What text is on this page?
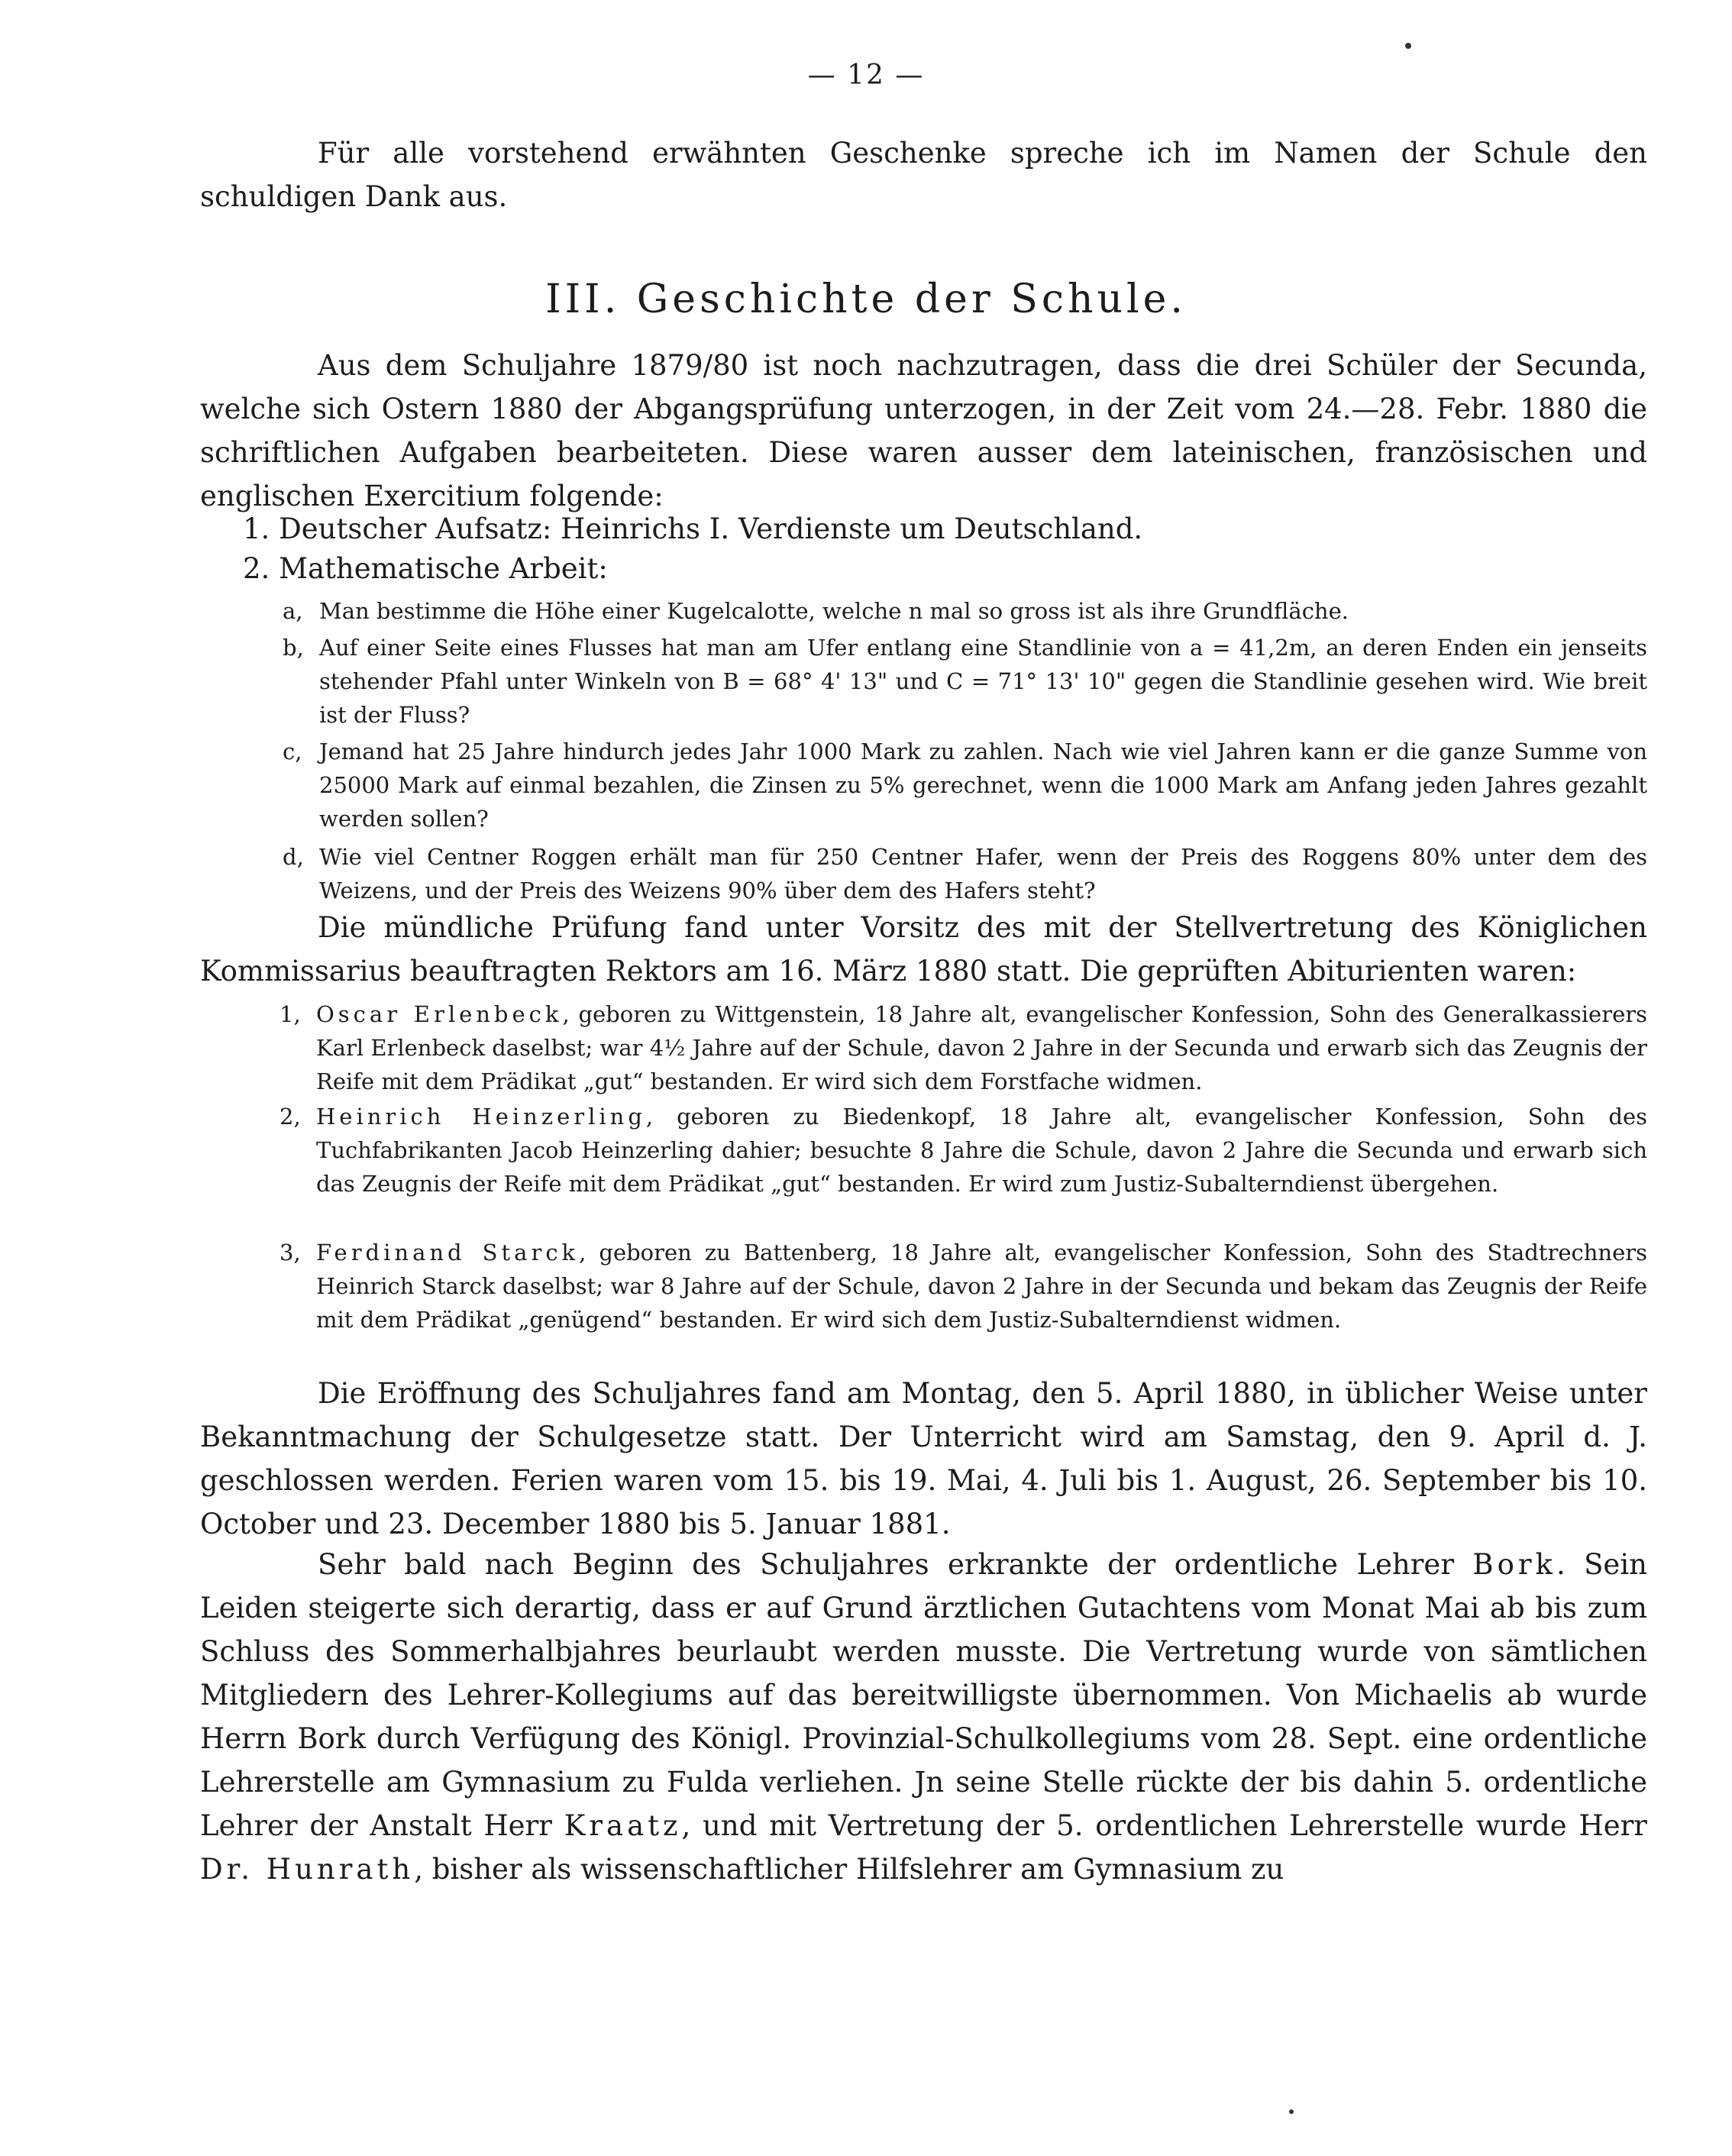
— 12 —

Für alle vorstehend erwähnten Geschenke spreche ich im Namen der Schule den schuldigen Dank aus.

III. Geschichte der Schule.

Aus dem Schuljahre 1879/80 ist noch nachzutragen, dass die drei Schüler der Secunda, welche sich Ostern 1880 der Abgangsprüfung unterzogen, in der Zeit vom 24.—28. Febr. 1880 die schriftlichen Aufgaben bearbeiteten. Diese waren ausser dem lateinischen, französischen und englischen Exercitium folgende:

1. Deutscher Aufsatz: Heinrichs I. Verdienste um Deutschland.

2. Mathematische Arbeit:

a, Man bestimme die Höhe einer Kugelcalotte, welche n mal so gross ist als ihre Grundfläche.

b, Auf einer Seite eines Flusses hat man am Ufer entlang eine Standlinie von a = 41,2m, an deren Enden ein jenseits stehender Pfahl unter Winkeln von B = 68° 4' 13" und C = 71° 13' 10" gegen die Standlinie gesehen wird. Wie breit ist der Fluss?

c, Jemand hat 25 Jahre hindurch jedes Jahr 1000 Mark zu zahlen. Nach wie viel Jahren kann er die ganze Summe von 25000 Mark auf einmal bezahlen, die Zinsen zu 5% gerechnet, wenn die 1000 Mark am Anfang jeden Jahres gezahlt werden sollen?

d, Wie viel Centner Roggen erhält man für 250 Centner Hafer, wenn der Preis des Roggens 80% unter dem des Weizens, und der Preis des Weizens 90% über dem des Hafers steht?

Die mündliche Prüfung fand unter Vorsitz des mit der Stellvertretung des Königlichen Kommissarius beauftragten Rektors am 16. März 1880 statt. Die geprüften Abiturienten waren:

1, Oscar Erlenbeck, geboren zu Wittgenstein, 18 Jahre alt, evangelischer Konfession, Sohn des Generalkassierers Karl Erlenbeck daselbst; war 4½ Jahre auf der Schule, davon 2 Jahre in der Secunda und erwarb sich das Zeugnis der Reife mit dem Prädikat „gut“ bestanden. Er wird sich dem Forstfache widmen.

2, Heinrich Heinzerling, geboren zu Biedenkopf, 18 Jahre alt, evangelischer Konfession, Sohn des Tuchfabrikanten Jacob Heinzerling dahier; besuchte 8 Jahre die Schule, davon 2 Jahre die Secunda und erwarb sich das Zeugnis der Reife mit dem Prädikat „gut“ bestanden. Er wird zum Justiz-Subalterndienst übergehen.

3, Ferdinand Starck, geboren zu Battenberg, 18 Jahre alt, evangelischer Konfession, Sohn des Stadtrechners Heinrich Starck daselbst; war 8 Jahre auf der Schule, davon 2 Jahre in der Secunda und bekam das Zeugnis der Reife mit dem Prädikat „genügend“ bestanden. Er wird sich dem Justiz-Subalterndienst widmen.

Die Eröffnung des Schuljahres fand am Montag, den 5. April 1880, in üblicher Weise unter Bekanntmachung der Schulgesetze statt. Der Unterricht wird am Samstag, den 9. April d. J. geschlossen werden. Ferien waren vom 15. bis 19. Mai, 4. Juli bis 1. August, 26. September bis 10. October und 23. December 1880 bis 5. Januar 1881.

Sehr bald nach Beginn des Schuljahres erkrankte der ordentliche Lehrer Bork. Sein Leiden steigerte sich derartig, dass er auf Grund ärztlichen Gutachtens vom Monat Mai ab bis zum Schluss des Sommerhalbjahres beurlaubt werden musste. Die Vertretung wurde von sämtlichen Mitgliedern des Lehrer-Kollegiums auf das bereitwilligste übernommen. Von Michaelis ab wurde Herrn Bork durch Verfügung des Königl. Provinzial-Schulkollegiums vom 28. Sept. eine ordentliche Lehrerstelle am Gymnasium zu Fulda verliehen. Jn seine Stelle rückte der bis dahin 5. ordentliche Lehrer der Anstalt Herr Kraatz, und mit Vertretung der 5. ordentlichen Lehrerstelle wurde Herr Dr. Hunrath, bisher als wissenschaftlicher Hilfslehrer am Gymnasium zu
